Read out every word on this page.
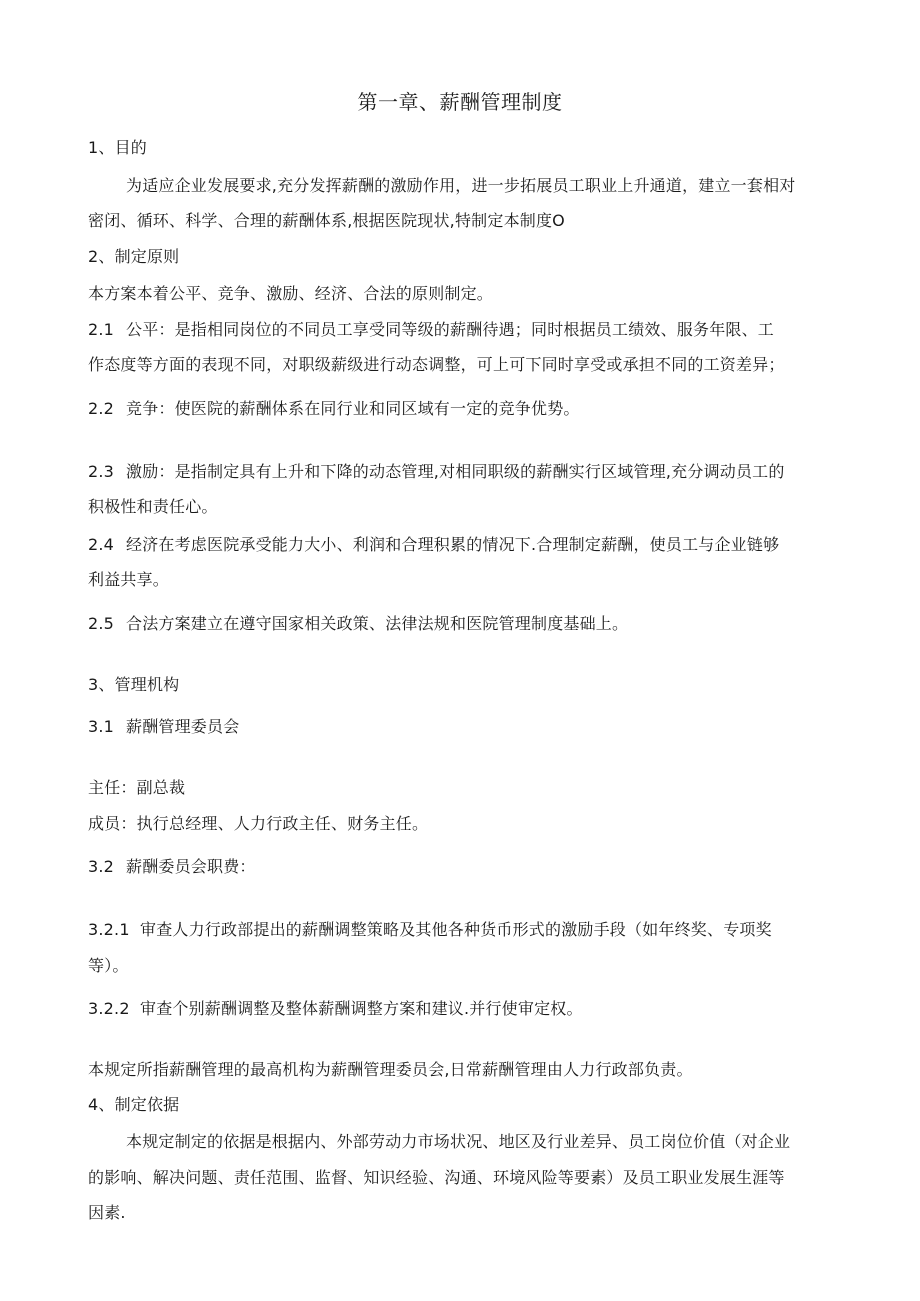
第一章、薪酬管理制度
1、目的
为适应企业发展要求,充分发挥薪酬的激励作用，进一步拓展员工职业上升通道，建立一套相对
密闭、循环、科学、合理的薪酬体系,根据医院现状,特制定本制度O
2、制定原则
本方案本着公平、竞争、激励、经济、合法的原则制定。
2.1 公平：是指相同岗位的不同员工享受同等级的薪酬待遇；同时根据员工绩效、服务年限、工
作态度等方面的表现不同，对职级薪级进行动态调整，可上可下同时享受或承担不同的工资差异；
2.2 竞争：使医院的薪酬体系在同行业和同区域有一定的竞争优势。
2.3 激励：是指制定具有上升和下降的动态管理,对相同职级的薪酬实行区域管理,充分调动员工的
积极性和责任心。
2.4 经济在考虑医院承受能力大小、利润和合理积累的情况下.合理制定薪酬，使员工与企业链够
利益共享。
2.5 合法方案建立在遵守国家相关政策、法律法规和医院管理制度基础上。
3、管理机构
3.1 薪酬管理委员会
主任：副总裁
成员：执行总经理、人力行政主任、财务主任。
3.2 薪酬委员会职费：
3.2.1 审查人力行政部提出的薪酬调整策略及其他各种货币形式的激励手段（如年终奖、专项奖
等）。
3.2.2 审查个别薪酬调整及整体薪酬调整方案和建议.并行使审定权。
本规定所指薪酬管理的最高机构为薪酬管理委员会,日常薪酬管理由人力行政部负责。
4、制定依据
本规定制定的依据是根据内、外部劳动力市场状况、地区及行业差异、员工岗位价值（对企业
的影响、解决问题、责任范围、监督、知识经验、沟通、环境风险等要素）及员工职业发展生涯等
因素.
